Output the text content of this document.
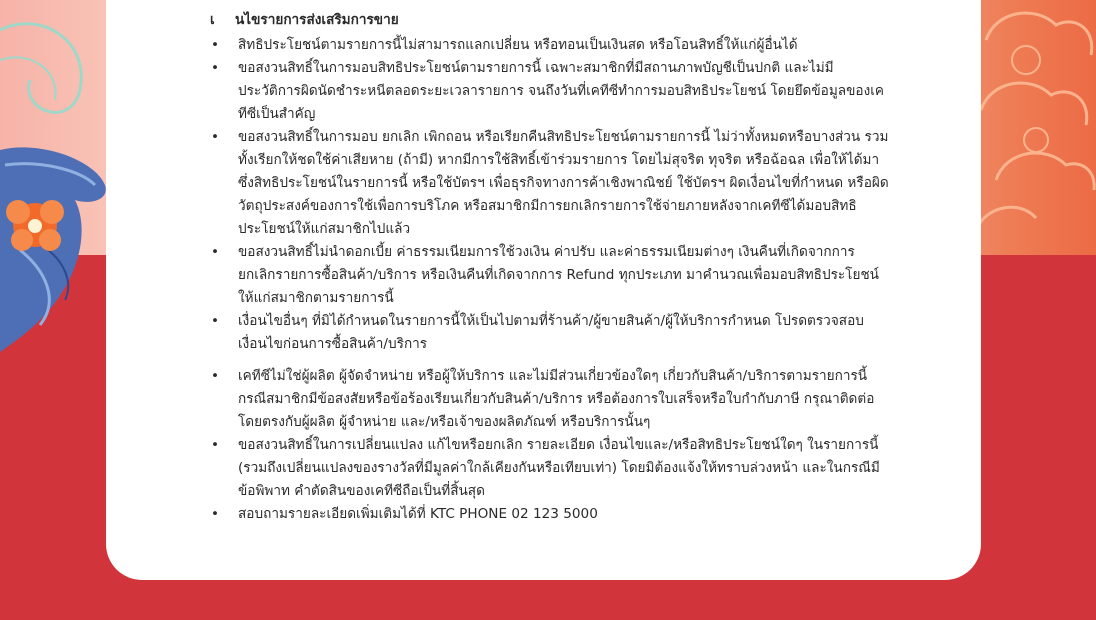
เ	นไขรายการส่งเสริมการขาย
•	สิทธิประโยชน์ตามรายการนี้ไม่สามารถแลกเปลี่ยน หรือทอนเป็นเงินสด หรือโอนสิทธิ์ให้แก่ผู้อื่นได้
•	ขอสงวนสิทธิ์ในการมอบสิทธิประโยชน์ตามรายการนี้ เฉพาะสมาชิกที่มีสถานภาพบัญชีเป็นปกติ และไม่มีประวัติการผิดนัดชำระหนีตลอดระยะเวลารายการ จนถึงวันที่เคทีซีทำการมอบสิทธิประโยชน์ โดยยึดข้อมูลของเคทีซีเป็นสำคัญ
•	ขอสงวนสิทธิ์ในการมอบ ยกเลิก เพิกถอน หรือเรียกคืนสิทธิประโยชน์ตามรายการนี้ ไม่ว่าทั้งหมดหรือบางส่วน รวมทั้งเรียกให้ชดใช้ค่าเสียหาย (ถ้ามี) หากมีการใช้สิทธิ์เข้าร่วมรายการ โดยไม่สุจริต ทุจริต หรือฉ้อฉล เพื่อให้ได้มาซึ่งสิทธิประโยชน์ในรายการนี้ หรือใช้บัตรฯ เพื่อธุรกิจทางการค้าเชิงพาณิชย์ ใช้บัตรฯ ผิดเงื่อนไขที่กำหนด หรือผิดวัตถุประสงค์ของการใช้เพื่อการบริโภค หรือสมาชิกมีการยกเลิกรายการใช้จ่ายภายหลังจากเคทีซีได้มอบสิทธิประโยชน์ให้แก่สมาชิกไปแล้ว
•	ขอสงวนสิทธิ์ไม่นำดอกเบี้ย ค่าธรรมเนียมการใช้วงเงิน ค่าปรับ และค่าธรรมเนียมต่างๆ เงินคืนที่เกิดจากการยกเลิกรายการซื้อสินค้า/บริการ หรือเงินคืนที่เกิดจากการ Refund ทุกประเภท มาคำนวณเพื่อมอบสิทธิประโยชน์ให้แก่สมาชิกตามรายการนี้
•	เงื่อนไขอื่นๆ ที่มิได้กำหนดในรายการนี้ให้เป็นไปตามที่ร้านค้า/ผู้ขายสินค้า/ผู้ให้บริการกำหนด โปรดตรวจสอบเงื่อนไขก่อนการซื้อสินค้า/บริการ
•	เคทีซีไม่ใช่ผู้ผลิต ผู้จัดจำหน่าย หรือผู้ให้บริการ และไม่มีส่วนเกี่ยวข้องใดๆ เกี่ยวกับสินค้า/บริการตามรายการนี้ กรณีสมาชิกมีข้อสงสัยหรือข้อร้องเรียนเกี่ยวกับสินค้า/บริการ หรือต้องการใบเสร็จหรือใบกำกับภาษี กรุณาติดต่อโดยตรงกับผู้ผลิต ผู้จำหน่าย และ/หรือเจ้าของผลิตภัณฑ์ หรือบริการนั้นๆ
•	ขอสงวนสิทธิ์ในการเปลี่ยนแปลง แก้ไขหรือยกเลิก รายละเอียด เงื่อนไขและ/หรือสิทธิประโยชน์ใดๆ ในรายการนี้ (รวมถึงเปลี่ยนแปลงของรางวัลที่มีมูลค่าใกล้เคียงกันหรือเทียบเท่า) โดยมิต้องแจ้งให้ทราบล่วงหน้า และในกรณีมีข้อพิพาท คำตัดสินของเคทีซีถือเป็นที่สิ้นสุด
•	สอบถามรายละเอียดเพิ่มเติมได้ที่ KTC PHONE 02 123 5000
